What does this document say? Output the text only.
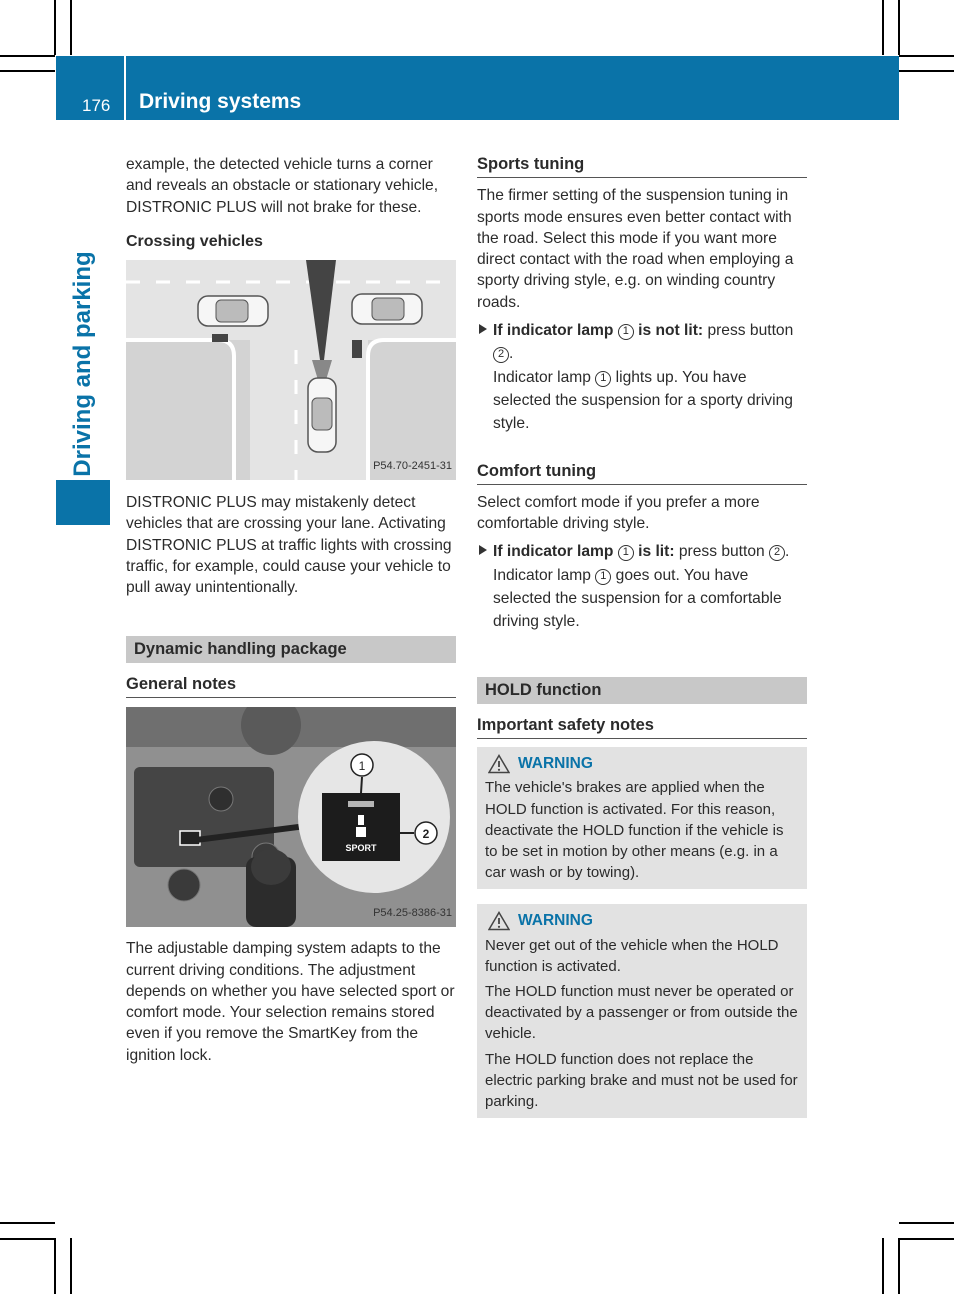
176 Driving systems
Driving and parking
example, the detected vehicle turns a corner and reveals an obstacle or stationary vehicle, DISTRONIC PLUS will not brake for these.
Crossing vehicles
P54.70-2451-31
DISTRONIC PLUS may mistakenly detect vehicles that are crossing your lane. Activating DISTRONIC PLUS at traffic lights with crossing traffic, for example, could cause your vehicle to pull away unintentionally.
Dynamic handling package
General notes
SPORT
1
2
P54.25-8386-31
The adjustable damping system adapts to the current driving conditions. The adjustment depends on whether you have selected sport or comfort mode. Your selection remains stored even if you remove the SmartKey from the ignition lock.
Sports tuning
The firmer setting of the suspension tuning in sports mode ensures even better contact with the road. Select this mode if you want more direct contact with the road when employing a sporty driving style, e.g. on winding country roads.
If indicator lamp 1 is not lit: press button 2 .
Indicator lamp 1 lights up. You have selected the suspension for a sporty driving style.
Comfort tuning
Select comfort mode if you prefer a more comfortable driving style.
If indicator lamp 1 is lit: press button 2 .
Indicator lamp 1 goes out. You have selected the suspension for a comfortable driving style.
HOLD function
Important safety notes
WARNING
The vehicle's brakes are applied when the HOLD function is activated. For this reason, deactivate the HOLD function if the vehicle is to be set in motion by other means (e.g. in a car wash or by towing).
WARNING
Never get out of the vehicle when the HOLD function is activated.
The HOLD function must never be operated or deactivated by a passenger or from outside the vehicle.
The HOLD function does not replace the electric parking brake and must not be used for parking.
